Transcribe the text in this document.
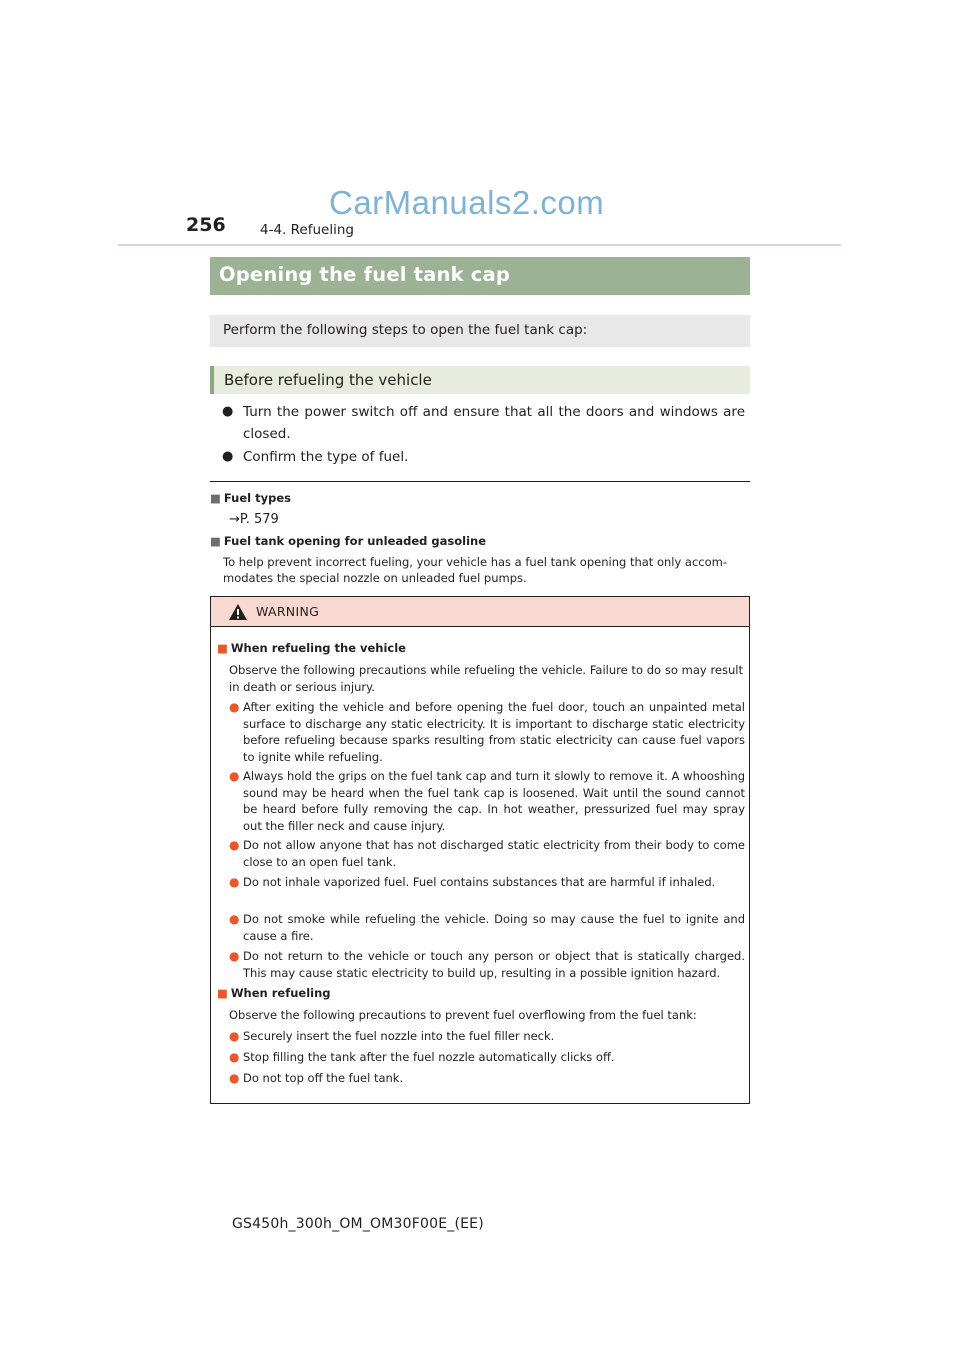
CarManuals2.com
256	4-4. Refueling
Opening the fuel tank cap
Perform the following steps to open the fuel tank cap:
Before refueling the vehicle
● Turn the power switch off and ensure that all the doors and windows are closed.
● Confirm the type of fuel.
■ Fuel types
→P. 579
■ Fuel tank opening for unleaded gasoline
To help prevent incorrect fueling, your vehicle has a fuel tank opening that only accom-modates the special nozzle on unleaded fuel pumps.
WARNING
■ When refueling the vehicle
Observe the following precautions while refueling the vehicle. Failure to do so may result in death or serious injury.
● After exiting the vehicle and before opening the fuel door, touch an unpainted metal surface to discharge any static electricity. It is important to discharge static electricity before refueling because sparks resulting from static electricity can cause fuel vapors to ignite while refueling.
● Always hold the grips on the fuel tank cap and turn it slowly to remove it. A whooshing sound may be heard when the fuel tank cap is loosened. Wait until the sound cannot be heard before fully removing the cap. In hot weather, pressurized fuel may spray out the filler neck and cause injury.
● Do not allow anyone that has not discharged static electricity from their body to come close to an open fuel tank.
● Do not inhale vaporized fuel. Fuel contains substances that are harmful if inhaled.
● Do not smoke while refueling the vehicle. Doing so may cause the fuel to ignite and cause a fire.
● Do not return to the vehicle or touch any person or object that is statically charged. This may cause static electricity to build up, resulting in a possible ignition hazard.
■ When refueling
Observe the following precautions to prevent fuel overflowing from the fuel tank:
● Securely insert the fuel nozzle into the fuel filler neck.
● Stop filling the tank after the fuel nozzle automatically clicks off.
● Do not top off the fuel tank.
GS450h_300h_OM_OM30F00E_(EE)
